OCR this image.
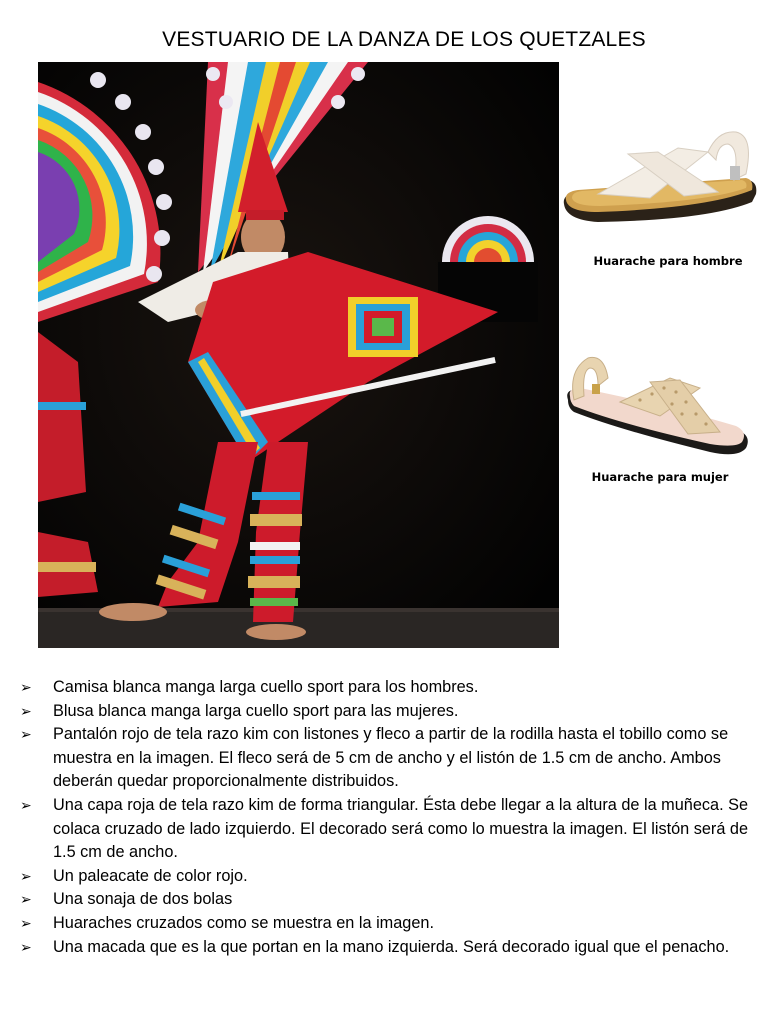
VESTUARIO DE LA DANZA DE LOS QUETZALES
Huarache para hombre
Huarache para mujer
➢ Camisa blanca manga larga cuello sport para los hombres.
➢ Blusa blanca manga larga cuello sport para las mujeres.
➢ Pantalón rojo de tela razo kim con listones y fleco a partir de la rodilla hasta el tobillo como se muestra en la imagen. El fleco será de 5 cm de ancho y el listón de 1.5 cm de ancho. Ambos deberán quedar proporcionalmente distribuidos.
➢ Una capa roja de tela razo kim de forma triangular. Ésta debe llegar a la altura de la muñeca. Se colaca cruzado de lado izquierdo. El decorado será como lo muestra la imagen. El listón será de 1.5 cm de ancho.
➢ Un paleacate de color rojo.
➢ Una sonaja de dos bolas
➢ Huaraches cruzados como se muestra en la imagen.
➢ Una macada que es la que portan en la mano izquierda. Será decorado igual que el penacho.
